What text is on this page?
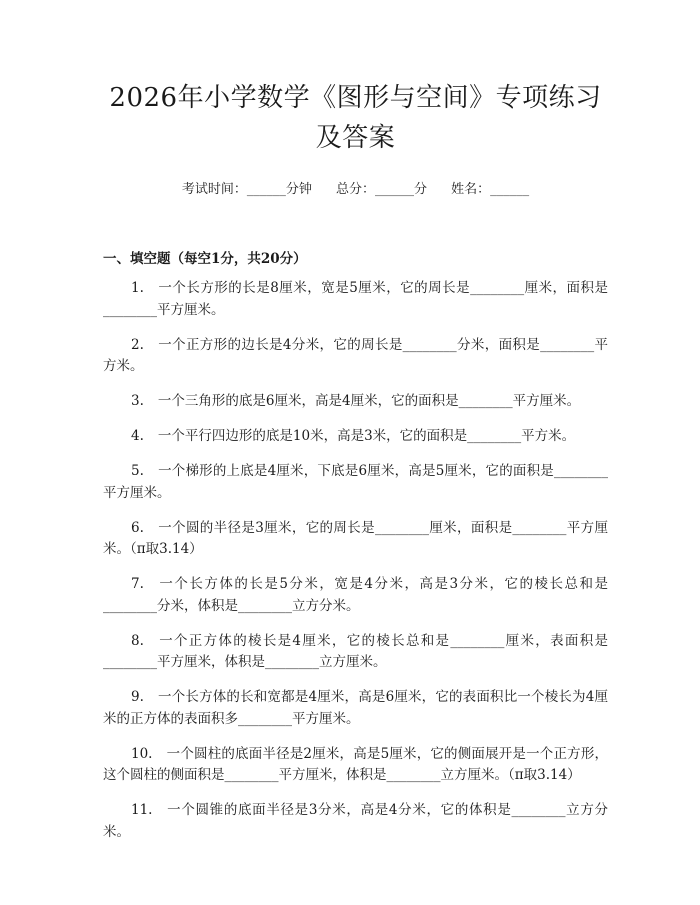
2026年小学数学《图形与空间》专项练习及答案
考试时间：______分钟 总分：______分 姓名：______
一、填空题（每空1分，共20分）

1. 一个长方形的长是8厘米，宽是5厘米，它的周长是________厘米，面积是________平方厘米。

2. 一个正方形的边长是4分米，它的周长是________分米，面积是________平方米。

3. 一个三角形的底是6厘米，高是4厘米，它的面积是________平方厘米。

4. 一个平行四边形的底是10米，高是3米，它的面积是________平方米。

5. 一个梯形的上底是4厘米，下底是6厘米，高是5厘米，它的面积是________平方厘米。

6. 一个圆的半径是3厘米，它的周长是________厘米，面积是________平方厘米。（π取3.14）

7. 一个长方体的长是5分米，宽是4分米，高是3分米，它的棱长总和是________分米，体积是________立方分米。

8. 一个正方体的棱长是4厘米，它的棱长总和是________厘米，表面积是________平方厘米，体积是________立方厘米。

9. 一个长方体的长和宽都是4厘米，高是6厘米，它的表面积比一个棱长为4厘米的正方体的表面积多________平方厘米。

10. 一个圆柱的底面半径是2厘米，高是5厘米，它的侧面展开是一个正方形，这个圆柱的侧面积是________平方厘米，体积是________立方厘米。（π取3.14）

11. 一个圆锥的底面半径是3分米，高是4分米，它的体积是________立方分米。
